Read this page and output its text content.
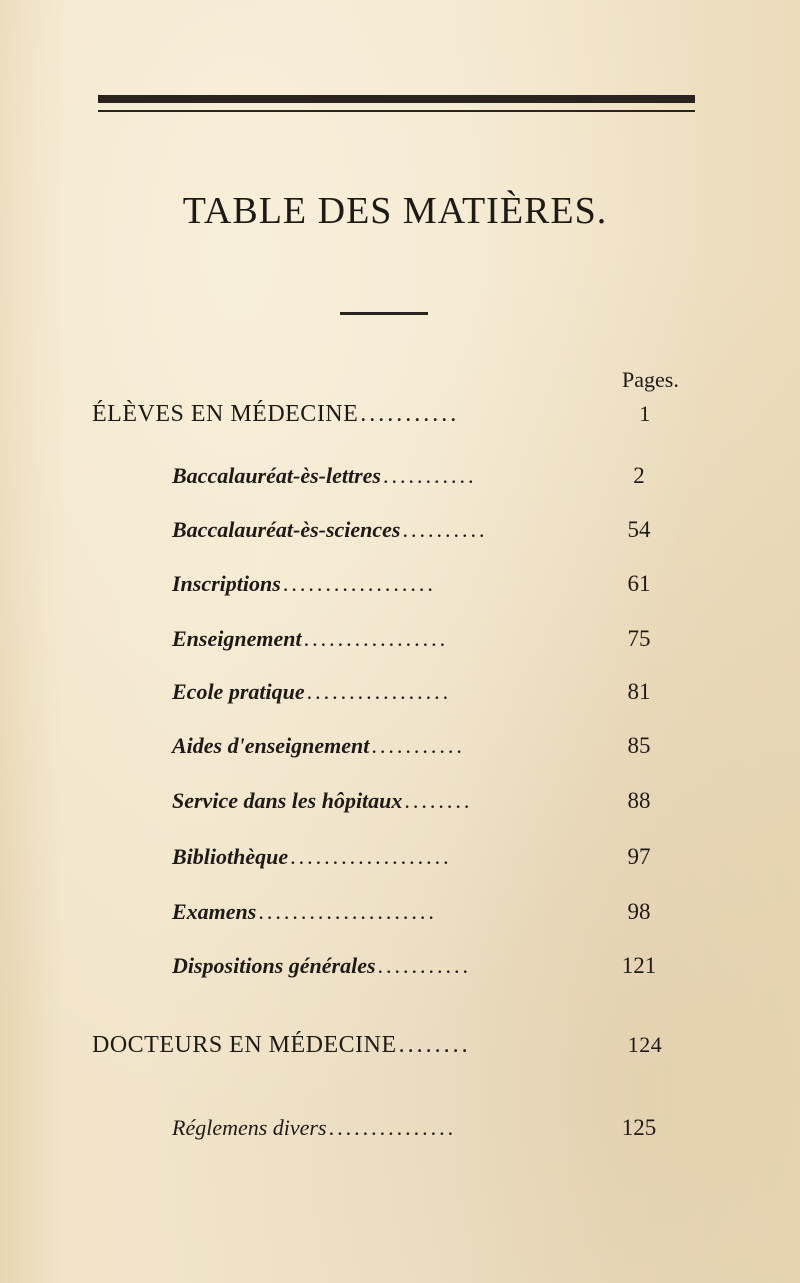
TABLE DES MATIÈRES.
Pages.
ÉLÈVES EN MÉDECINE ...........	1
Baccalauréat-ès-lettres ...........	2
Baccalauréat-ès-sciences ..........	54
Inscriptions ..................	61
Enseignement .................	75
Ecole pratique .................	81
Aides d'enseignement ...........	85
Service dans les hôpitaux ........	88
Bibliothèque ...................	97
Examens .....................	98
Dispositions générales ...........	121
DOCTEURS EN MÉDECINE ........	124
Réglemens divers ...............	125
